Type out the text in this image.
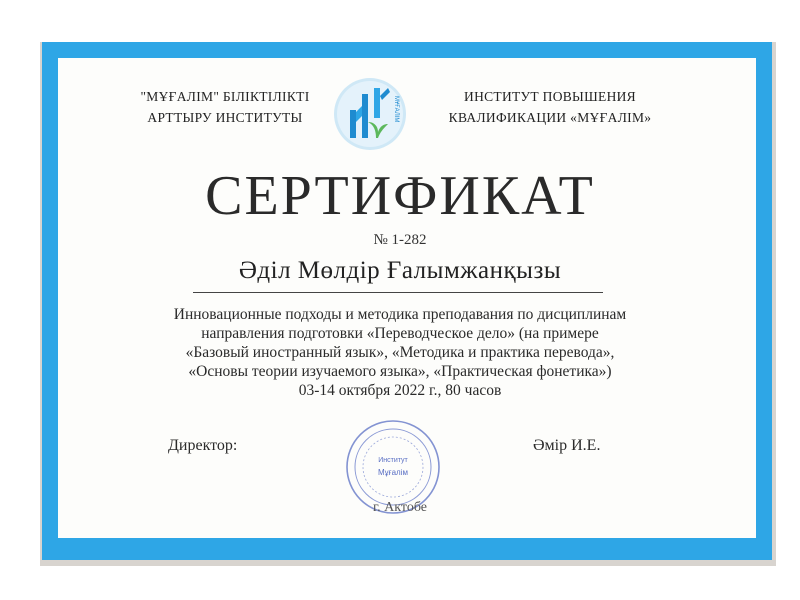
"МҰҒАЛІМ" БІЛІКТІЛІКТІ
АРТТЫРУ ИНСТИТУТЫ	МҰҒАЛІМ	ИНСТИТУТ ПОВЫШЕНИЯ
КВАЛИФИКАЦИИ «МҰҒАЛІМ»
СЕРТИФИКАТ
№ 1-282
Әділ Мөлдір Ғалымжанқызы
Инновационные подходы и методика преподавания по дисциплинам
направления подготовки «Переводческое дело» (на примере
«Базовый иностранный язык», «Методика и практика перевода»,
«Основы теории изучаемого языка», «Практическая фонетика»)
03-14 октября 2022 г., 80 часов
Директор:
Институт
Мұғалім
Әмір И.Е.
г. Актобе
